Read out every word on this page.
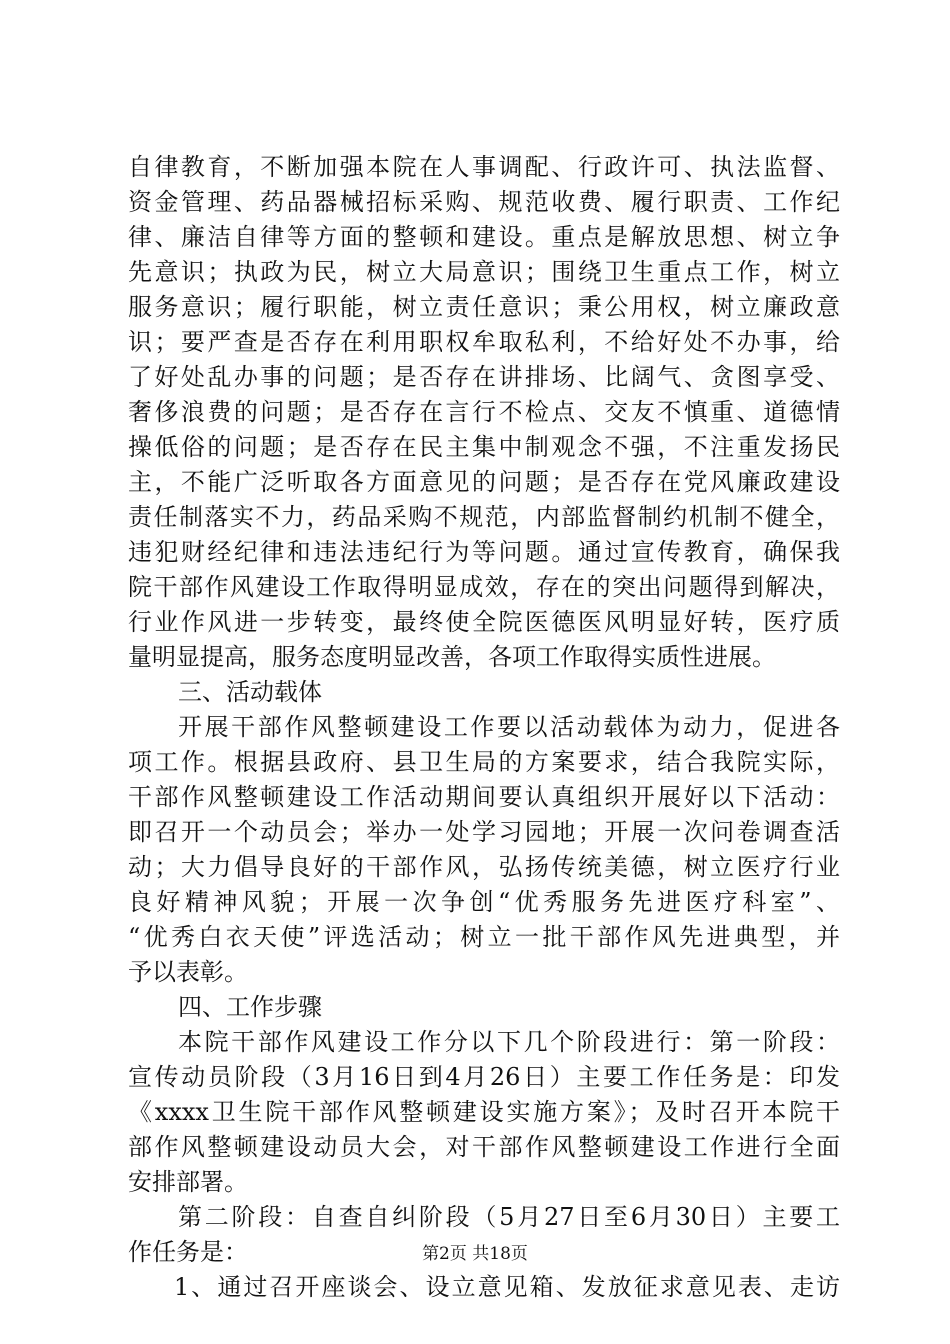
自律教育，不断加强本院在人事调配、行政许可、执法监督、
资金管理、药品器械招标采购、规范收费、履行职责、工作纪
律、廉洁自律等方面的整顿和建设。重点是解放思想、树立争
先意识；执政为民，树立大局意识；围绕卫生重点工作，树立
服务意识；履行职能，树立责任意识；秉公用权，树立廉政意
识；要严查是否存在利用职权牟取私利，不给好处不办事，给
了好处乱办事的问题；是否存在讲排场、比阔气、贪图享受、
奢侈浪费的问题；是否存在言行不检点、交友不慎重、道德情
操低俗的问题；是否存在民主集中制观念不强，不注重发扬民
主，不能广泛听取各方面意见的问题；是否存在党风廉政建设
责任制落实不力，药品采购不规范，内部监督制约机制不健全，
违犯财经纪律和违法违纪行为等问题。通过宣传教育，确保我
院干部作风建设工作取得明显成效，存在的突出问题得到解决，
行业作风进一步转变，最终使全院医德医风明显好转，医疗质
量明显提高，服务态度明显改善，各项工作取得实质性进展。
三、活动载体
开展干部作风整顿建设工作要以活动载体为动力，促进各
项工作。根据县政府、县卫生局的方案要求，结合我院实际，
干部作风整顿建设工作活动期间要认真组织开展好以下活动：
即召开一个动员会；举办一处学习园地；开展一次问卷调查活
动；大力倡导良好的干部作风，弘扬传统美德，树立医疗行业
良好精神风貌；开展一次争创“优秀服务先进医疗科室”、
“优秀白衣天使”评选活动；树立一批干部作风先进典型，并
予以表彰。
四、工作步骤
本院干部作风建设工作分以下几个阶段进行：第一阶段：
宣传动员阶段（3月16日到4月26日）主要工作任务是：印发
《xxxx卫生院干部作风整顿建设实施方案》；及时召开本院干
部作风整顿建设动员大会，对干部作风整顿建设工作进行全面
安排部署。
第二阶段：自查自纠阶段（5月27日至6月30日）主要工
作任务是：
1、通过召开座谈会、设立意见箱、发放征求意见表、走访
第2页 共18页
